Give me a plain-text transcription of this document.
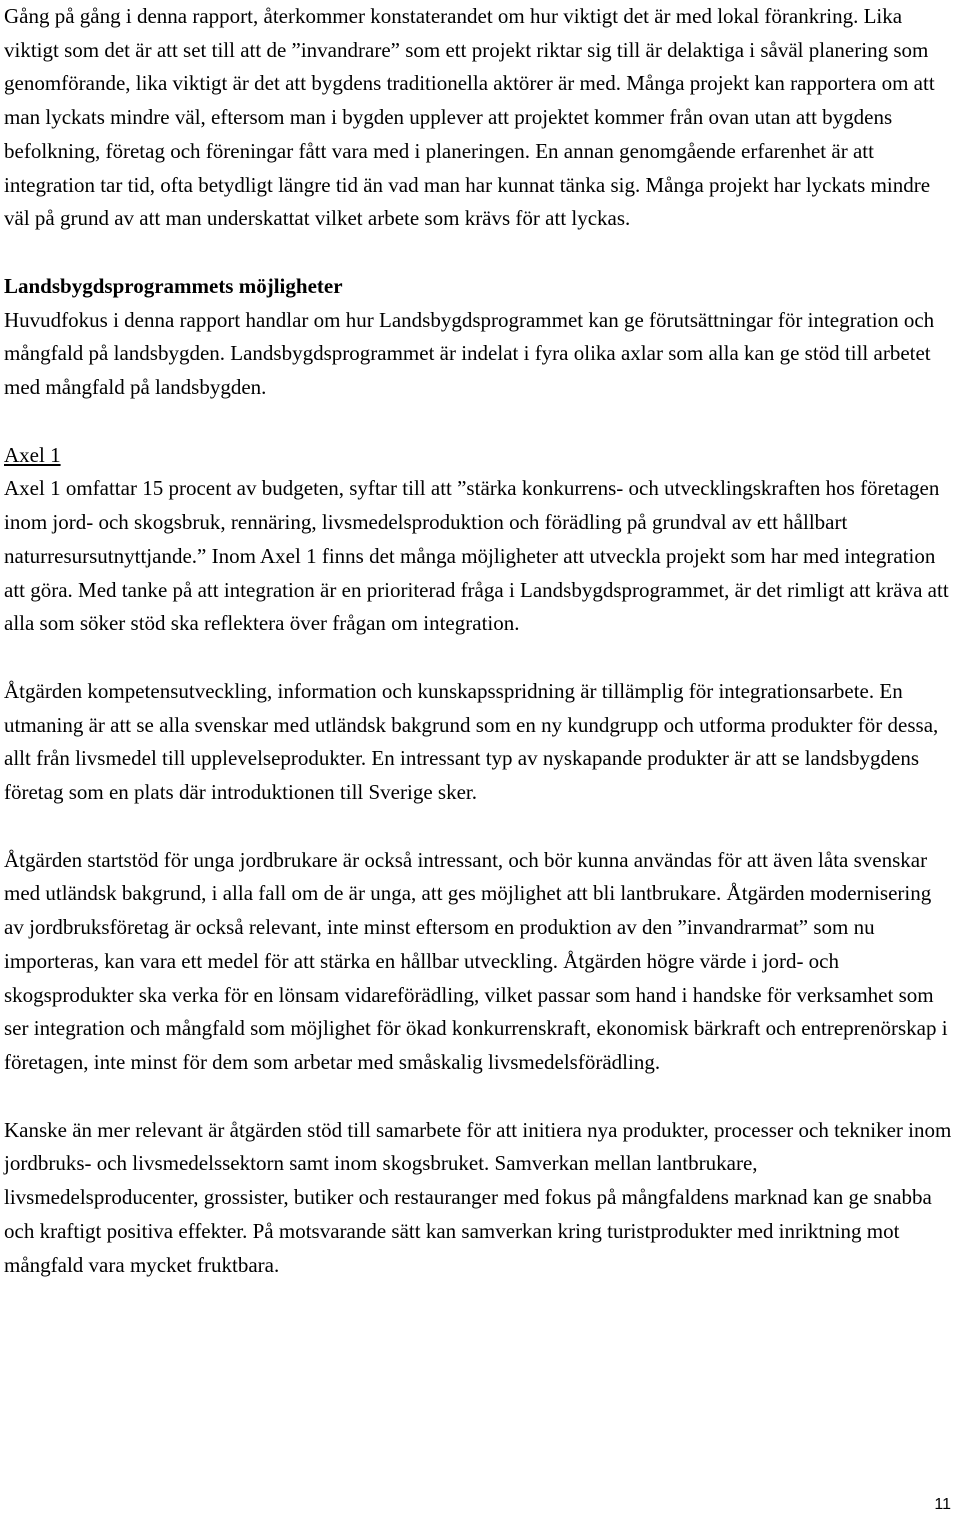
Gång på gång i denna rapport, återkommer konstaterandet om hur viktigt det är med lokal förankring. Lika viktigt som det är att set till att de ”invandrare” som ett projekt riktar sig till är delaktiga i såväl planering som genomförande, lika viktigt är det att bygdens traditionella aktörer är med. Många projekt kan rapportera om att man lyckats mindre väl, eftersom man i bygden upplever att projektet kommer från ovan utan att bygdens befolkning, företag och föreningar fått vara med i planeringen. En annan genomgående erfarenhet är att integration tar tid, ofta betydligt längre tid än vad man har kunnat tänka sig. Många projekt har lyckats mindre väl på grund av att man underskattat vilket arbete som krävs för att lyckas.

Landsbygdsprogrammets möjligheter

Huvudfokus i denna rapport handlar om hur Landsbygdsprogrammet kan ge förutsättningar för integration och mångfald på landsbygden. Landsbygdsprogrammet är indelat i fyra olika axlar som alla kan ge stöd till arbetet med mångfald på landsbygden.

Axel 1

Axel 1 omfattar 15 procent av budgeten, syftar till att ”stärka konkurrens- och utvecklingskraften hos företagen inom jord- och skogsbruk, rennäring, livsmedelsproduktion och förädling på grundval av ett hållbart naturresursutnyttjande.” Inom Axel 1 finns det många möjligheter att utveckla projekt som har med integration att göra. Med tanke på att integration är en prioriterad fråga i Landsbygdsprogrammet, är det rimligt att kräva att alla som söker stöd ska reflektera över frågan om integration.

Åtgärden kompetensutveckling, information och kunskapsspridning är tillämplig för integrationsarbete. En utmaning är att se alla svenskar med utländsk bakgrund som en ny kundgrupp och utforma produkter för dessa, allt från livsmedel till upplevelseprodukter. En intressant typ av nyskapande produkter är att se landsbygdens företag som en plats där introduktionen till Sverige sker.

Åtgärden startstöd för unga jordbrukare är också intressant, och bör kunna användas för att även låta svenskar med utländsk bakgrund, i alla fall om de är unga, att ges möjlighet att bli lantbrukare. Åtgärden modernisering av jordbruksföretag är också relevant, inte minst eftersom en produktion av den ”invandrarmat” som nu importeras, kan vara ett medel för att stärka en hållbar utveckling. Åtgärden högre värde i jord- och skogsprodukter ska verka för en lönsam vidareförädling, vilket passar som hand i handske för verksamhet som ser integration och mångfald som möjlighet för ökad konkurrenskraft, ekonomisk bärkraft och entreprenörskap i företagen, inte minst för dem som arbetar med småskalig livsmedelsförädling.

Kanske än mer relevant är åtgärden stöd till samarbete för att initiera nya produkter, processer och tekniker inom jordbruks- och livsmedelssektorn samt inom skogsbruket. Samverkan mellan lantbrukare, livsmedelsproducenter, grossister, butiker och restauranger med fokus på mångfaldens marknad kan ge snabba och kraftigt positiva effekter. På motsvarande sätt kan samverkan kring turistprodukter med inriktning mot mångfald vara mycket fruktbara.

11
